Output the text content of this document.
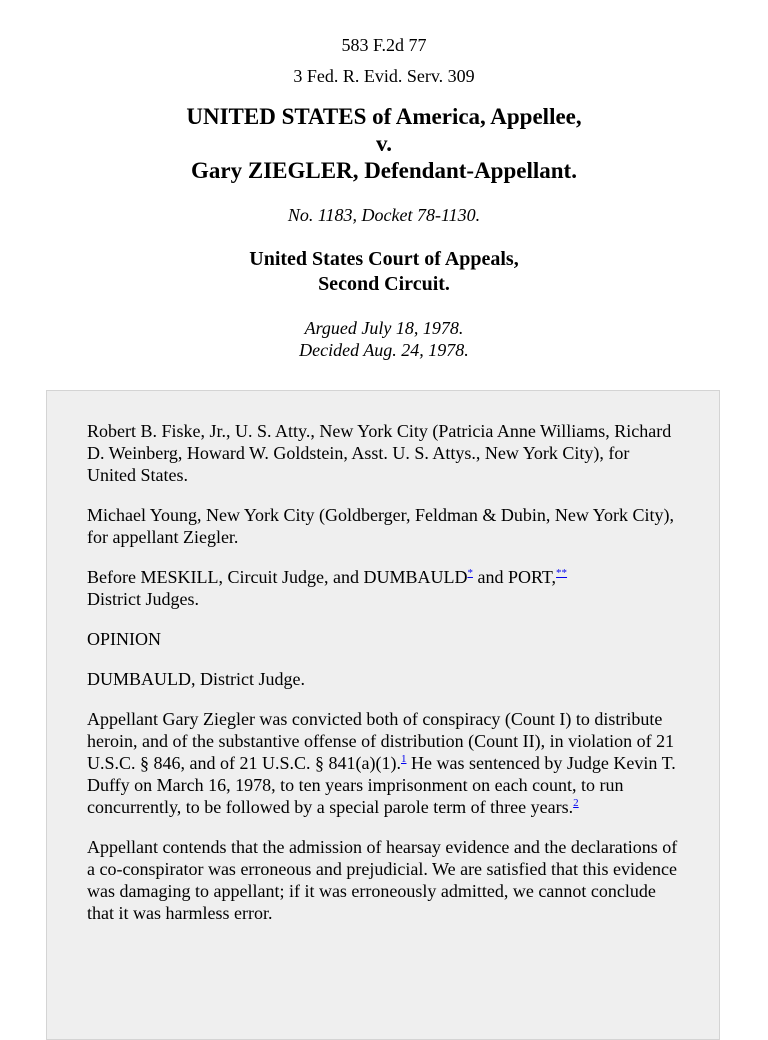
583 F.2d 77
3 Fed. R. Evid. Serv. 309
UNITED STATES of America, Appellee,
v.
Gary ZIEGLER, Defendant-Appellant.
No. 1183, Docket 78-1130.
United States Court of Appeals,
Second Circuit.
Argued July 18, 1978.
Decided Aug. 24, 1978.

Robert B. Fiske, Jr., U. S. Atty., New York City (Patricia Anne Williams, Richard D. Weinberg, Howard W. Goldstein, Asst. U. S. Attys., New York City), for United States.

Michael Young, New York City (Goldberger, Feldman & Dubin, New York City), for appellant Ziegler.

Before MESKILL, Circuit Judge, and DUMBAULD* and PORT,**
District Judges.

OPINION

DUMBAULD, District Judge.

Appellant Gary Ziegler was convicted both of conspiracy (Count I) to distribute heroin, and of the substantive offense of distribution (Count II), in violation of 21 U.S.C. § 846, and of 21 U.S.C. § 841(a)(1).$^1$ He was sentenced by Judge Kevin T. Duffy on March 16, 1978, to ten years imprisonment on each count, to run concurrently, to be followed by a special parole term of three years.$^2$

Appellant contends that the admission of hearsay evidence and the declarations of a co-conspirator was erroneous and prejudicial. We are satisfied that this evidence was damaging to appellant; if it was erroneously admitted, we cannot conclude that it was harmless error.
